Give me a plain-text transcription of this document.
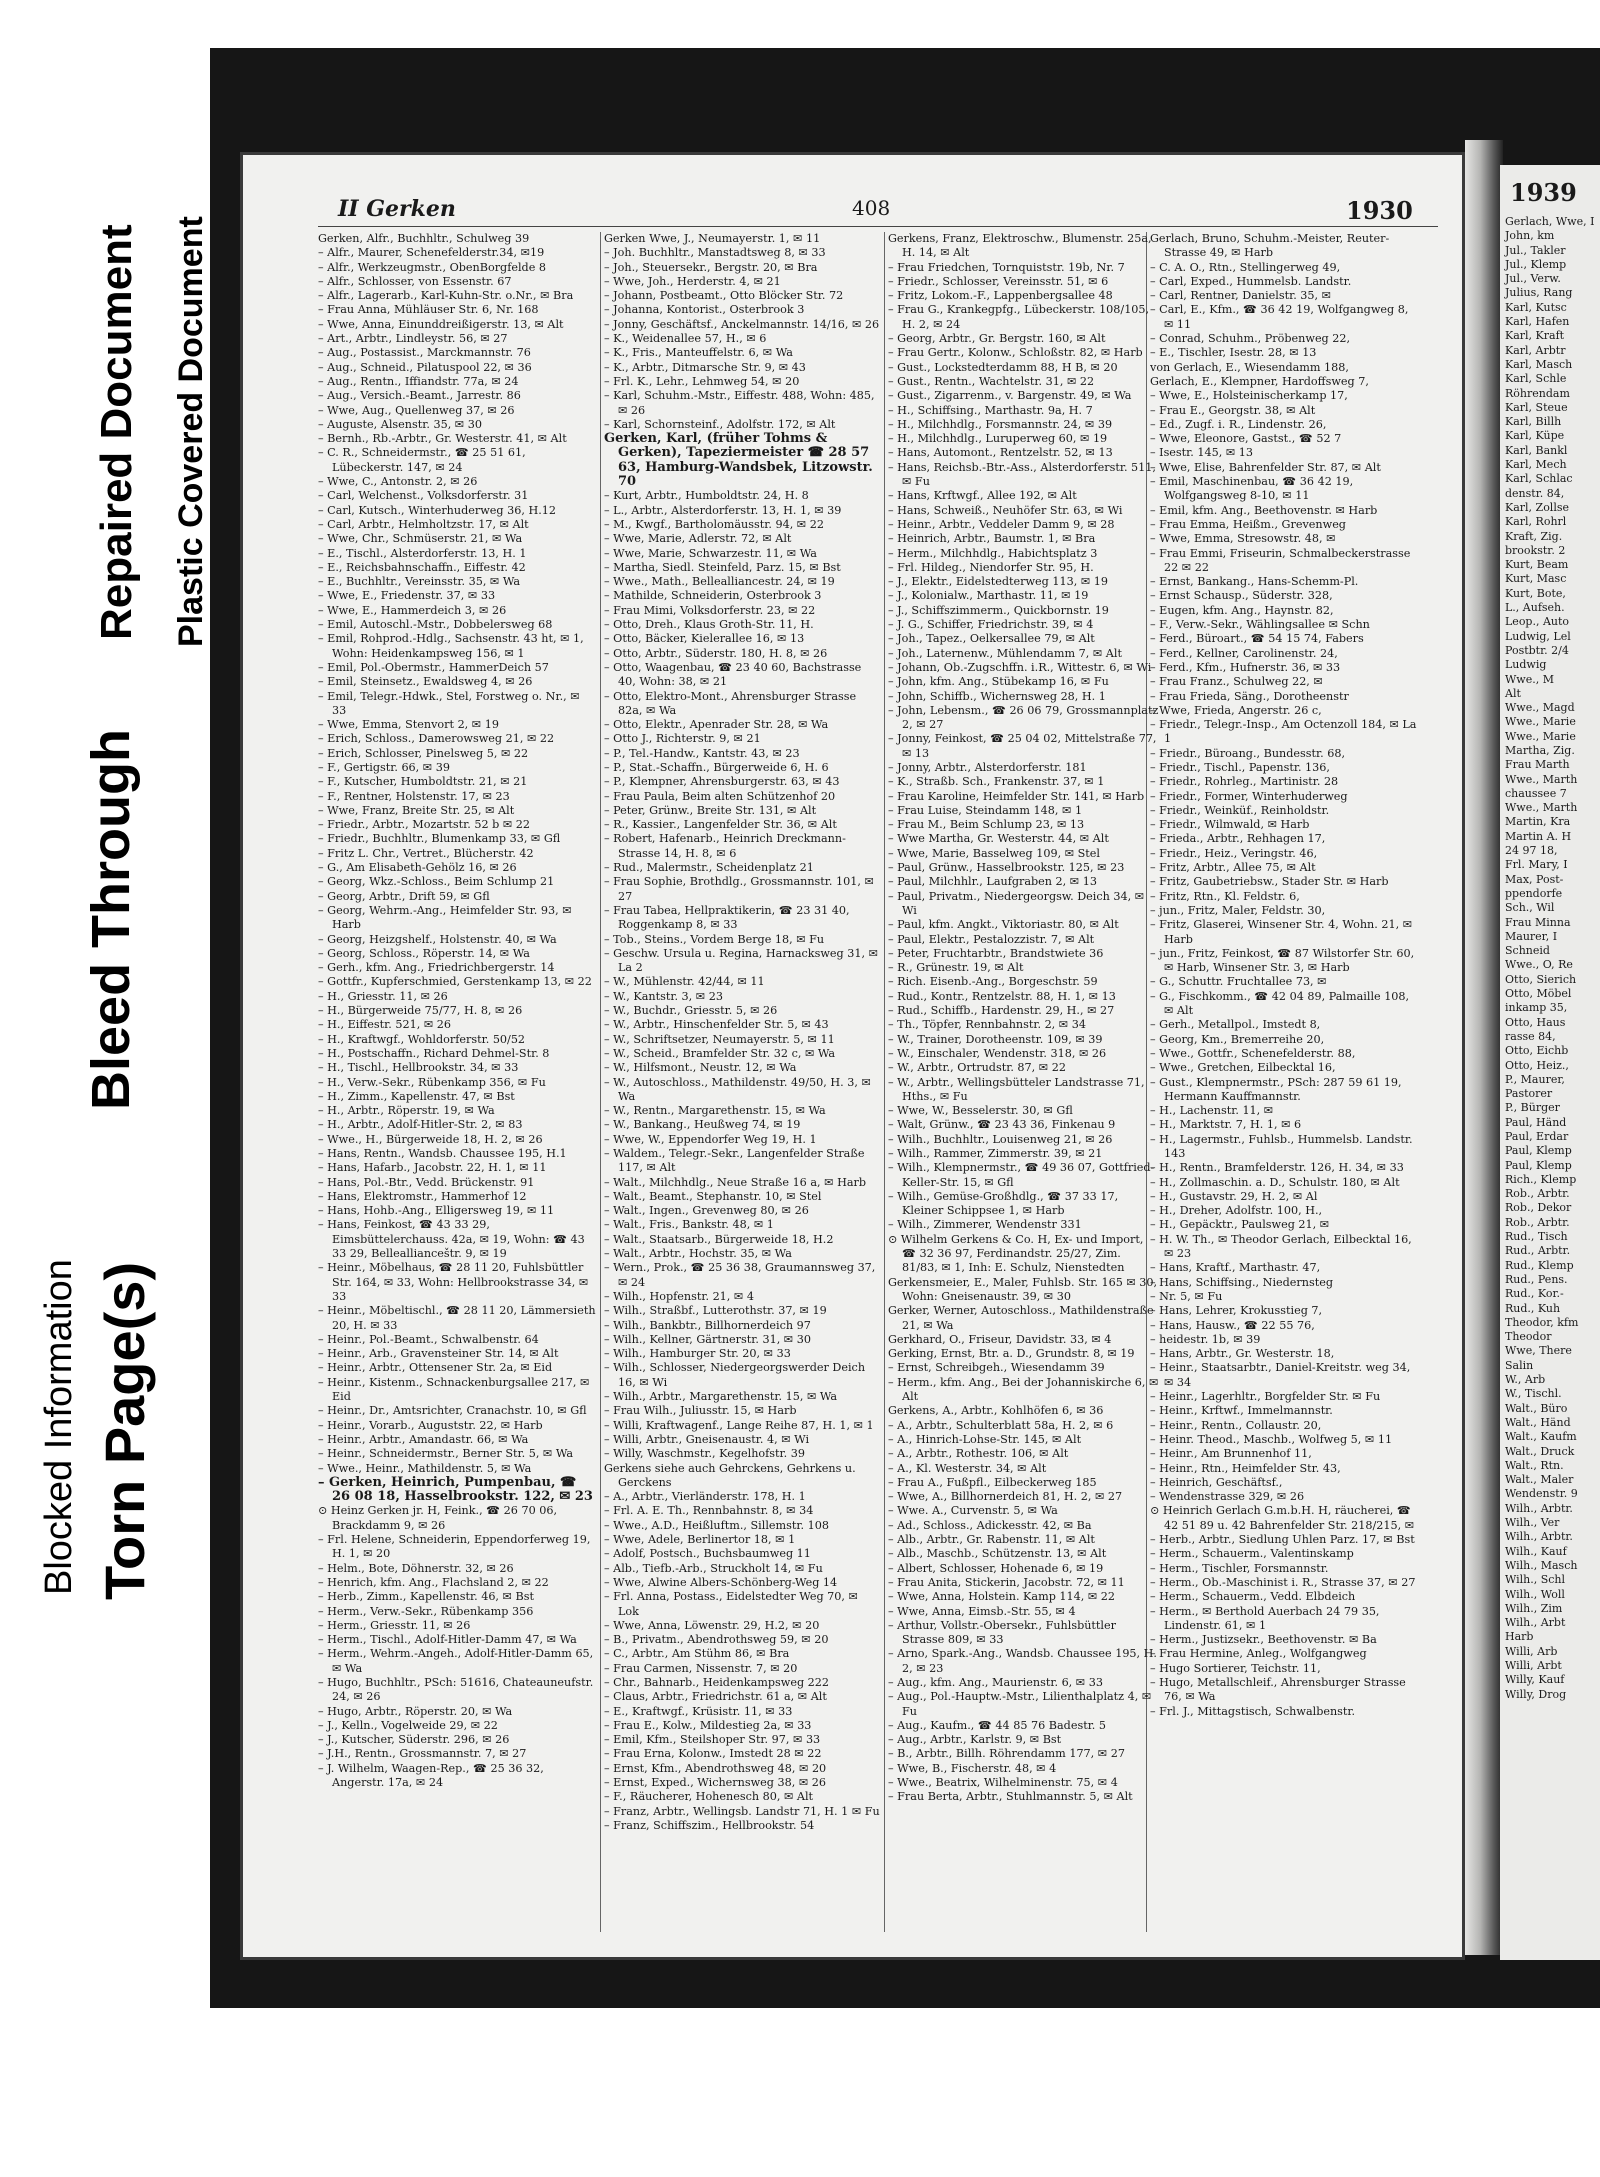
Blocked Information Torn Page(s)
Bleed Through
Repaired Document Plastic Covered Document
II Gerken	408	1930
1939

Gerken, Alfr., Buchhltr., Schulweg 39

– Alfr., Maurer, Schenefelderstr.34, ✉19

– Alfr., Werkzeugmstr., ObenBorgfelde 8

– Alfr., Schlosser, von Essenstr. 67

– Alfr., Lagerarb., Karl-Kuhn-Str. o.Nr., ✉ Bra

– Frau Anna, Mühläuser Str. 6, Nr. 168

– Wwe, Anna, Einunddreißigerstr. 13, ✉ Alt

– Art., Arbtr., Lindleystr. 56, ✉ 27

– Aug., Postassist., Marckmannstr. 76

– Aug., Schneid., Pilatuspool 22, ✉ 36

– Aug., Rentn., Iffiandstr. 77a, ✉ 24

– Aug., Versich.-Beamt., Jarrestr. 86

– Wwe, Aug., Quellenweg 37, ✉ 26

– Auguste, Alsenstr. 35, ✉ 30

– Bernh., Rb.-Arbtr., Gr. Westerstr. 41, ✉ Alt

– C. R., Schneidermstr., ☎ 25 51 61, Lübeckerstr. 147, ✉ 24

– Wwe, C., Antonstr. 2, ✉ 26

– Carl, Welchenst., Volksdorferstr. 31

– Carl, Kutsch., Winterhuderweg 36, H.12

– Carl, Arbtr., Helmholtzstr. 17, ✉ Alt

– Wwe, Chr., Schmüserstr. 21, ✉ Wa

– E., Tischl., Alsterdorferstr. 13, H. 1

– E., Reichsbahnschaffn., Eiffestr. 42

– E., Buchhltr., Vereinsstr. 35, ✉ Wa

– Wwe, E., Friedenstr. 37, ✉ 33

– Wwe, E., Hammerdeich 3, ✉ 26

– Emil, Autoschl.-Mstr., Dobbelersweg 68

– Emil, Rohprod.-Hdlg., Sachsenstr. 43 ht, ✉ 1, Wohn: Heidenkampsweg 156, ✉ 1

– Emil, Pol.-Obermstr., HammerDeich 57

– Emil, Steinsetz., Ewaldsweg 4, ✉ 26

– Emil, Telegr.-Hdwk., Stel, Forstweg o. Nr., ✉ 33

– Wwe, Emma, Stenvort 2, ✉ 19

– Erich, Schloss., Damerowsweg 21, ✉ 22

– Erich, Schlosser, Pinelsweg 5, ✉ 22

– F., Gertigstr. 66, ✉ 39

– F., Kutscher, Humboldtstr. 21, ✉ 21

– F., Rentner, Holstenstr. 17, ✉ 23

– Wwe, Franz, Breite Str. 25, ✉ Alt

– Friedr., Arbtr., Mozartstr. 52 b ✉ 22

– Friedr., Buchhltr., Blumenkamp 33, ✉ Gfl

– Fritz L. Chr., Vertret., Blücherstr. 42

– G., Am Elisabeth-Gehölz 16, ✉ 26

– Georg, Wkz.-Schloss., Beim Schlump 21

– Georg, Arbtr., Drift 59, ✉ Gfl

– Georg, Wehrm.-Ang., Heimfelder Str. 93, ✉ Harb

– Georg, Heizgshelf., Holstenstr. 40, ✉ Wa

– Georg, Schloss., Röperstr. 14, ✉ Wa

– Gerh., kfm. Ang., Friedrichbergerstr. 14

– Gottfr., Kupferschmied, Gerstenkamp 13, ✉ 22

– H., Griesstr. 11, ✉ 26

– H., Bürgerweide 75/77, H. 8, ✉ 26

– H., Eiffestr. 521, ✉ 26

– H., Kraftwgf., Wohldorferstr. 50/52

– H., Postschaffn., Richard Dehmel-Str. 8

– H., Tischl., Hellbrookstr. 34, ✉ 33

– H., Verw.-Sekr., Rübenkamp 356, ✉ Fu

– H., Zimm., Kapellenstr. 47, ✉ Bst

– H., Arbtr., Röperstr. 19, ✉ Wa

– H., Arbtr., Adolf-Hitler-Str. 2, ✉ 83

– Wwe., H., Bürgerweide 18, H. 2, ✉ 26

– Hans, Rentn., Wandsb. Chaussee 195, H.1

– Hans, Hafarb., Jacobstr. 22, H. 1, ✉ 11

– Hans, Pol.-Btr., Vedd. Brückenstr. 91

– Hans, Elektromstr., Hammerhof 12

– Hans, Hohb.-Ang., Elligersweg 19, ✉ 11

– Hans, Feinkost, ☎ 43 33 29, Eimsbüttelerchauss. 42a, ✉ 19, Wohn: ☎ 43 33 29, Belleallianceštr. 9, ✉ 19

– Heinr., Möbelhaus, ☎ 28 11 20, Fuhlsbüttler Str. 164, ✉ 33, Wohn: Hellbrookstrasse 34, ✉ 33

– Heinr., Möbeltischl., ☎ 28 11 20, Lämmersieth 20, H. ✉ 33

– Heinr., Pol.-Beamt., Schwalbenstr. 64

– Heinr., Arb., Gravensteiner Str. 14, ✉ Alt

– Heinr., Arbtr., Ottensener Str. 2a, ✉ Eid

– Heinr., Kistenm., Schnackenburgsallee 217, ✉ Eid

– Heinr., Dr., Amtsrichter, Cranachstr. 10, ✉ Gfl

– Heinr., Vorarb., Auguststr. 22, ✉ Harb

– Heinr., Arbtr., Amandastr. 66, ✉ Wa

– Heinr., Schneidermstr., Berner Str. 5, ✉ Wa

– Wwe., Heinr., Mathildenstr. 5, ✉ Wa

– Gerken, Heinrich, Pumpenbau, ☎ 26 08 18, Hasselbrookstr. 122, ✉ 23

⊙ Heinz Gerken jr. H, Feink., ☎ 26 70 06, Brackdamm 9, ✉ 26

– Frl. Helene, Schneiderin, Eppendorferweg 19, H. 1, ✉ 20

– Helm., Bote, Döhnerstr. 32, ✉ 26

– Henrich, kfm. Ang., Flachsland 2, ✉ 22

– Herb., Zimm., Kapellenstr. 46, ✉ Bst

– Herm., Verw.-Sekr., Rübenkamp 356

– Herm., Griesstr. 11, ✉ 26

– Herm., Tischl., Adolf-Hitler-Damm 47, ✉ Wa

– Herm., Wehrm.-Angeh., Adolf-Hitler-Damm 65, ✉ Wa

– Hugo, Buchhltr., PSch: 51616, Chateauneufstr. 24, ✉ 26

– Hugo, Arbtr., Röperstr. 20, ✉ Wa

– J., Kelln., Vogelweide 29, ✉ 22

– J., Kutscher, Süderstr. 296, ✉ 26

– J.H., Rentn., Grossmannstr. 7, ✉ 27

– J. Wilhelm, Waagen-Rep., ☎ 25 36 32, Angerstr. 17a, ✉ 24

Gerken Wwe, J., Neumayerstr. 1, ✉ 11

– Joh. Buchhltr., Manstadtsweg 8, ✉ 33

– Joh., Steuersekr., Bergstr. 20, ✉ Bra

– Wwe, Joh., Herderstr. 4, ✉ 21

– Johann, Postbeamt., Otto Blöcker Str. 72

– Johanna, Kontorist., Osterbrook 3

– Jonny, Geschäftsf., Anckelmannstr. 14/16, ✉ 26

– K., Weidenallee 57, H., ✉ 6

– K., Fris., Manteuffelstr. 6, ✉ Wa

– K., Arbtr., Ditmarsche Str. 9, ✉ 43

– Frl. K., Lehr., Lehmweg 54, ✉ 20

– Karl, Schuhm.-Mstr., Eiffestr. 488, Wohn: 485, ✉ 26

– Karl, Schornsteinf., Adolfstr. 172, ✉ Alt

Gerken, Karl, (früher Tohms & Gerken), Tapeziermeister ☎ 28 57 63, Hamburg-Wandsbek, Litzowstr. 70

– Kurt, Arbtr., Humboldtstr. 24, H. 8

– L., Arbtr., Alsterdorferstr. 13, H. 1, ✉ 39

– M., Kwgf., Bartholomäusstr. 94, ✉ 22

– Wwe, Marie, Adlerstr. 72, ✉ Alt

– Wwe, Marie, Schwarzestr. 11, ✉ Wa

– Martha, Siedl. Steinfeld, Parz. 15, ✉ Bst

– Wwe., Math., Bellealliancestr. 24, ✉ 19

– Mathilde, Schneiderin, Osterbrook 3

– Frau Mimi, Volksdorferstr. 23, ✉ 22

– Otto, Dreh., Klaus Groth-Str. 11, H.

– Otto, Bäcker, Kielerallee 16, ✉ 13

– Otto, Arbtr., Süderstr. 180, H. 8, ✉ 26

– Otto, Waagenbau, ☎ 23 40 60, Bachstrasse 40, Wohn: 38, ✉ 21

– Otto, Elektro-Mont., Ahrensburger Strasse 82a, ✉ Wa

– Otto, Elektr., Apenrader Str. 28, ✉ Wa

– Otto J., Richterstr. 9, ✉ 21

– P., Tel.-Handw., Kantstr. 43, ✉ 23

– P., Stat.-Schaffn., Bürgerweide 6, H. 6

– P., Klempner, Ahrensburgerstr. 63, ✉ 43

– Frau Paula, Beim alten Schützenhof 20

– Peter, Grünw., Breite Str. 131, ✉ Alt

– R., Kassier., Langenfelder Str. 36, ✉ Alt

– Robert, Hafenarb., Heinrich Dreckmann-Strasse 14, H. 8, ✉ 6

– Rud., Malermstr., Scheidenplatz 21

– Frau Sophie, Brothdlg., Grossmannstr. 101, ✉ 27

– Frau Tabea, Hellpraktikerin, ☎ 23 31 40, Roggenkamp 8, ✉ 33

– Tob., Steins., Vordem Berge 18, ✉ Fu

– Geschw. Ursula u. Regina, Harnacksweg 31, ✉ La 2

– W., Mühlenstr. 42/44, ✉ 11

– W., Kantstr. 3, ✉ 23

– W., Buchdr., Griesstr. 5, ✉ 26

– W., Arbtr., Hinschenfelder Str. 5, ✉ 43

– W., Schriftsetzer, Neumayerstr. 5, ✉ 11

– W., Scheid., Bramfelder Str. 32 c, ✉ Wa

– W., Hilfsmont., Neustr. 12, ✉ Wa

– W., Autoschloss., Mathildenstr. 49/50, H. 3, ✉ Wa

– W., Rentn., Margarethenstr. 15, ✉ Wa

– W., Bankang., Heußweg 74, ✉ 19

– Wwe, W., Eppendorfer Weg 19, H. 1

– Waldem., Telegr.-Sekr., Langenfelder Straße 117, ✉ Alt

– Walt., Milchhdlg., Neue Straße 16 a, ✉ Harb

– Walt., Beamt., Stephanstr. 10, ✉ Stel

– Walt., Ingen., Grevenweg 80, ✉ 26

– Walt., Fris., Bankstr. 48, ✉ 1

– Walt., Staatsarb., Bürgerweide 18, H.2

– Walt., Arbtr., Hochstr. 35, ✉ Wa

– Wern., Prok., ☎ 25 36 38, Graumannsweg 37, ✉ 24

– Wilh., Hopfenstr. 21, ✉ 4

– Wilh., Straßbf., Lutterothstr. 37, ✉ 19

– Wilh., Bankbtr., Billhornerdeich 97

– Wilh., Kellner, Gärtnerstr. 31, ✉ 30

– Wilh., Hamburger Str. 20, ✉ 33

– Wilh., Schlosser, Niedergeorgswerder Deich 16, ✉ Wi

– Wilh., Arbtr., Margarethenstr. 15, ✉ Wa

– Frau Wilh., Juliusstr. 15, ✉ Harb

– Willi, Kraftwagenf., Lange Reihe 87, H. 1, ✉ 1

– Willi, Arbtr., Gneisenaustr. 4, ✉ Wi

– Willy, Waschmstr., Kegelhofstr. 39

Gerkens siehe auch Gehrckens, Gehrkens u. Gerckens

– A., Arbtr., Vierländerstr. 178, H. 1

– Frl. A. E. Th., Rennbahnstr. 8, ✉ 34

– Wwe., A.D., Heißluftm., Sillemstr. 108

– Wwe, Adele, Berlinertor 18, ✉ 1

– Adolf, Postsch., Buchsbaumweg 11

– Alb., Tiefb.-Arb., Struckholt 14, ✉ Fu

– Wwe, Alwine Albers-Schönberg-Weg 14

– Frl. Anna, Postass., Eidelstedter Weg 70, ✉ Lok

– Wwe, Anna, Löwenstr. 29, H.2, ✉ 20

– B., Privatm., Abendrothsweg 59, ✉ 20

– C., Arbtr., Am Stühm 86, ✉ Bra

– Frau Carmen, Nissenstr. 7, ✉ 20

– Chr., Bahnarb., Heidenkampsweg 222

– Claus, Arbtr., Friedrichstr. 61 a, ✉ Alt

– E., Kraftwgf., Krüsistr. 11, ✉ 33

– Frau E., Kolw., Mildestieg 2a, ✉ 33

– Emil, Kfm., Steilshoper Str. 97, ✉ 33

– Frau Erna, Kolonw., Imstedt 28 ✉ 22

– Ernst, Kfm., Abendrothsweg 48, ✉ 20

– Ernst, Exped., Wichernsweg 38, ✉ 26

– F., Räucherer, Hohenesch 80, ✉ Alt

– Franz, Arbtr., Wellingsb. Landstr 71, H. 1 ✉ Fu

– Franz, Schiffszim., Hellbrookstr. 54

Gerkens, Franz, Elektroschw., Blumenstr. 25a, H. 14, ✉ Alt

– Frau Friedchen, Tornquiststr. 19b, Nr. 7

– Friedr., Schlosser, Vereinsstr. 51, ✉ 6

– Fritz, Lokom.-F., Lappenbergsallee 48

– Frau G., Krankegpfg., Lübeckerstr. 108/105, H. 2, ✉ 24

– Georg, Arbtr., Gr. Bergstr. 160, ✉ Alt

– Frau Gertr., Kolonw., Schloßstr. 82, ✉ Harb

– Gust., Lockstedterdamm 88, H B, ✉ 20

– Gust., Rentn., Wachtelstr. 31, ✉ 22

– Gust., Zigarrenm., v. Bargenstr. 49, ✉ Wa

– H., Schiffsing., Marthastr. 9a, H. 7

– H., Milchhdlg., Forsmannstr. 24, ✉ 39

– H., Milchhdlg., Luruperweg 60, ✉ 19

– Hans, Automont., Rentzelstr. 52, ✉ 13

– Hans, Reichsb.-Btr.-Ass., Alsterdorferstr. 511, ✉ Fu

– Hans, Krftwgf., Allee 192, ✉ Alt

– Hans, Schweiß., Neuhöfer Str. 63, ✉ Wi

– Heinr., Arbtr., Veddeler Damm 9, ✉ 28

– Heinrich, Arbtr., Baumstr. 1, ✉ Bra

– Herm., Milchhdlg., Habichtsplatz 3

– Frl. Hildeg., Niendorfer Str. 95, H.

– J., Elektr., Eidelstedterweg 113, ✉ 19

– J., Kolonialw., Marthastr. 11, ✉ 19

– J., Schiffszimmerm., Quickbornstr. 19

– J. G., Schiffer, Friedrichstr. 39, ✉ 4

– Joh., Tapez., Oelkersallee 79, ✉ Alt

– Joh., Laternenw., Mühlendamm 7, ✉ Alt

– Johann, Ob.-Zugschffn. i.R., Wittestr. 6, ✉ Wi

– John, kfm. Ang., Stübekamp 16, ✉ Fu

– John, Schiffb., Wichernsweg 28, H. 1

– John, Lebensm., ☎ 26 06 79, Grossmannplatz 2, ✉ 27

– Jonny, Feinkost, ☎ 25 04 02, Mittelstraße 77, ✉ 13

– Jonny, Arbtr., Alsterdorferstr. 181

– K., Straßb. Sch., Frankenstr. 37, ✉ 1

– Frau Karoline, Heimfelder Str. 141, ✉ Harb

– Frau Luise, Steindamm 148, ✉ 1

– Frau M., Beim Schlump 23, ✉ 13

– Wwe Martha, Gr. Westerstr. 44, ✉ Alt

– Wwe, Marie, Basselweg 109, ✉ Stel

– Paul, Grünw., Hasselbrookstr. 125, ✉ 23

– Paul, Milchhlr., Laufgraben 2, ✉ 13

– Paul, Privatm., Niedergeorgsw. Deich 34, ✉ Wi

– Paul, kfm. Angkt., Viktoriastr. 80, ✉ Alt

– Paul, Elektr., Pestalozzistr. 7, ✉ Alt

– Peter, Fruchtarbtr., Brandstwiete 36

– R., Grünestr. 19, ✉ Alt

– Rich. Eisenb.-Ang., Borgeschstr. 59

– Rud., Kontr., Rentzelstr. 88, H. 1, ✉ 13

– Rud., Schiffb., Hardenstr. 29, H., ✉ 27

– Th., Töpfer, Rennbahnstr. 2, ✉ 34

– W., Trainer, Dorotheenstr. 109, ✉ 39

– W., Einschaler, Wendenstr. 318, ✉ 26

– W., Arbtr., Ortrudstr. 87, ✉ 22

– W., Arbtr., Wellingsbütteler Landstrasse 71, Hths., ✉ Fu

– Wwe, W., Besselerstr. 30, ✉ Gfl

– Walt, Grünw., ☎ 23 43 36, Finkenau 9

– Wilh., Buchhltr., Louisenweg 21, ✉ 26

– Wilh., Rammer, Zimmerstr. 39, ✉ 21

– Wilh., Klempnermstr., ☎ 49 36 07, Gottfried-Keller-Str. 15, ✉ Gfl

– Wilh., Gemüse-Großhdlg., ☎ 37 33 17, Kleiner Schippsee 1, ✉ Harb

– Wilh., Zimmerer, Wendenstr 331

⊙ Wilhelm Gerkens & Co. H, Ex- und Import, ☎ 32 36 97, Ferdinandstr. 25/27, Zim. 81/83, ✉ 1, Inh: E. Schulz, Nienstedten

Gerkensmeier, E., Maler, Fuhlsb. Str. 165 ✉ 30, Wohn: Gneisenaustr. 39, ✉ 30

Gerker, Werner, Autoschloss., Mathildenstraße 21, ✉ Wa

Gerkhard, O., Friseur, Davidstr. 33, ✉ 4

Gerking, Ernst, Btr. a. D., Grundstr. 8, ✉ 19

– Ernst, Schreibgeh., Wiesendamm 39

– Herm., kfm. Ang., Bei der Johanniskirche 6, ✉ Alt

Gerkens, A., Arbtr., Kohlhöfen 6, ✉ 36

– A., Arbtr., Schulterblatt 58a, H. 2, ✉ 6

– A., Hinrich-Lohse-Str. 145, ✉ Alt

– A., Arbtr., Rothestr. 106, ✉ Alt

– A., Kl. Westerstr. 34, ✉ Alt

– Frau A., Fußpfl., Eilbeckerweg 185

– Wwe, A., Billhornerdeich 81, H. 2, ✉ 27

– Wwe. A., Curvenstr. 5, ✉ Wa

– Ad., Schloss., Adickesstr. 42, ✉ Ba

– Alb., Arbtr., Gr. Rabenstr. 11, ✉ Alt

– Alb., Maschb., Schützenstr. 13, ✉ Alt

– Albert, Schlosser, Hohenade 6, ✉ 19

– Frau Anita, Stickerin, Jacobstr. 72, ✉ 11

– Wwe, Anna, Holstein. Kamp 114, ✉ 22

– Wwe, Anna, Eimsb.-Str. 55, ✉ 4

– Arthur, Vollstr.-Obersekr., Fuhlsbüttler Strasse 809, ✉ 33

– Arno, Spark.-Ang., Wandsb. Chaussee 195, H. 2, ✉ 23

– Aug., kfm. Ang., Maurienstr. 6, ✉ 33

– Aug., Pol.-Hauptw.-Mstr., Lilienthalplatz 4, ✉ Fu

– Aug., Kaufm., ☎ 44 85 76 Badestr. 5

– Aug., Arbtr., Karlstr. 9, ✉ Bst

– B., Arbtr., Billh. Röhrendamm 177, ✉ 27

– Wwe, B., Fischerstr. 48, ✉ 4

– Wwe., Beatrix, Wilhelminenstr. 75, ✉ 4

– Frau Berta, Arbtr., Stuhlmannstr. 5, ✉ Alt

Gerlach, Bruno, Schuhm.-Meister, Reuter-Strasse 49, ✉ Harb

– C. A. O., Rtn., Stellingerweg 49,

– Carl, Exped., Hummelsb. Landstr.

– Carl, Rentner, Danielstr. 35, ✉

– Carl, E., Kfm., ☎ 36 42 19, Wolfgangweg 8, ✉ 11

– Conrad, Schuhm., Pröbenweg 22,

– E., Tischler, Isestr. 28, ✉ 13

von Gerlach, E., Wiesendamm 188,

Gerlach, E., Klempner, Hardoffsweg 7,

– Wwe, E., Holsteinischerkamp 17,

– Frau E., Georgstr. 38, ✉ Alt

– Ed., Zugf. i. R., Lindenstr. 26,

– Wwe, Eleonore, Gastst., ☎ 52 7

– Isestr. 145, ✉ 13

– Wwe, Elise, Bahrenfelder Str. 87, ✉ Alt

– Emil, Maschinenbau, ☎ 36 42 19, Wolfgangsweg 8-10, ✉ 11

– Emil, kfm. Ang., Beethovenstr. ✉ Harb

– Frau Emma, Heißm., Grevenweg

– Wwe, Emma, Stresowstr. 48, ✉

– Frau Emmi, Friseurin, Schmalbeckerstrasse 22 ✉ 22

– Ernst, Bankang., Hans-Schemm-Pl.

– Ernst Schausp., Süderstr. 328,

– Eugen, kfm. Ang., Haynstr. 82,

– F., Verw.-Sekr., Wählingsallee ✉ Schn

– Ferd., Büroart., ☎ 54 15 74, Fabers

– Ferd., Kellner, Carolinenstr. 24,

– Ferd., Kfm., Hufnerstr. 36, ✉ 33

– Frau Franz., Schulweg 22, ✉

– Frau Frieda, Säng., Dorotheenstr

– Wwe, Frieda, Angerstr. 26 c,

– Friedr., Telegr.-Insp., Am Octenzoll 184, ✉ La 1

– Friedr., Büroang., Bundesstr. 68,

– Friedr., Tischl., Papenstr. 136,

– Friedr., Rohrleg., Martinistr. 28

– Friedr., Former, Winterhuderweg

– Friedr., Weinküf., Reinholdstr.

– Friedr., Wilmwald, ✉ Harb

– Frieda., Arbtr., Rehhagen 17,

– Friedr., Heiz., Veringstr. 46,

– Fritz, Arbtr., Allee 75, ✉ Alt

– Fritz, Gaubetriebsw., Stader Str. ✉ Harb

– Fritz, Rtn., Kl. Feldstr. 6,

– jun., Fritz, Maler, Feldstr. 30,

– Fritz, Glaserei, Winsener Str. 4, Wohn. 21, ✉ Harb

– jun., Fritz, Feinkost, ☎ 87 Wilstorfer Str. 60, ✉ Harb, Winsener Str. 3, ✉ Harb

– G., Schuttr. Fruchtallee 73, ✉

– G., Fischkomm., ☎ 42 04 89, Palmaille 108, ✉ Alt

– Gerh., Metallpol., Imstedt 8,

– Georg, Km., Bremerreihe 20,

– Wwe., Gottfr., Schenefelderstr. 88,

– Wwe., Gretchen, Eilbecktal 16,

– Gust., Klempnermstr., PSch: 287 59 61 19, Hermann Kauffmannstr.

– H., Lachenstr. 11, ✉

– H., Marktstr. 7, H. 1, ✉ 6

– H., Lagermstr., Fuhlsb., Hummelsb. Landstr. 143

– H., Rentn., Bramfelderstr. 126, H. 34, ✉ 33

– H., Zollmaschin. a. D., Schulstr. 180, ✉ Alt

– H., Gustavstr. 29, H. 2, ✉ Al

– H., Dreher, Adolfstr. 100, H.,

– H., Gepäcktr., Paulsweg 21, ✉

– H. W. Th., ✉ Theodor Gerlach, Eilbecktal 16, ✉ 23

– Hans, Kraftf., Marthastr. 47,

– Hans, Schiffsing., Niedernsteg

– Nr. 5, ✉ Fu

– Hans, Lehrer, Krokusstieg 7,

– Hans, Hausw., ☎ 22 55 76,

– heidestr. 1b, ✉ 39

– Hans, Arbtr., Gr. Westerstr. 18,

– Heinr., Staatsarbtr., Daniel-Kreitstr. weg 34, ✉ 34

– Heinr., Lagerhltr., Borgfelder Str. ✉ Fu

– Heinr., Krftwf., Immelmannstr.

– Heinr., Rentn., Collaustr. 20,

– Heinr. Theod., Maschb., Wolfweg 5, ✉ 11

– Heinr., Am Brunnenhof 11,

– Heinr., Rtn., Heimfelder Str. 43,

– Heinrich, Geschäftsf.,

– Wendenstrasse 329, ✉ 26

⊙ Heinrich Gerlach G.m.b.H. H, räucherei, ☎ 42 51 89 u. 42 Bahrenfelder Str. 218/215, ✉

– Herb., Arbtr., Siedlung Uhlen Parz. 17, ✉ Bst

– Herm., Schauerm., Valentinskamp

– Herm., Tischler, Forsmannstr.

– Herm., Ob.-Maschinist i. R., Strasse 37, ✉ 27

– Herm., Schauerm., Vedd. Elbdeich

– Herm., ✉ Berthold Auerbach 24 79 35, Lindenstr. 61, ✉ 1

– Herm., Justizsekr., Beethovenstr. ✉ Ba

– Frau Hermine, Anleg., Wolfgangweg

– Hugo Sortierer, Teichstr. 11,

– Hugo, Metallschleif., Ahrensburger Strasse 76, ✉ Wa

– Frl. J., Mittagstisch, Schwalbenstr.

Gerlach, Wwe, I

John, km

Jul., Takler

Jul., Klemp

Jul., Verw.

Julius, Rang

Karl, Kutsc

Karl, Hafen

Karl, Kraft

Karl, Arbtr

Karl, Masch

Karl, Schle

Röhrendam

Karl, Steue

Karl, Billh

Karl, Küpe

Karl, Bankl

Karl, Mech

Karl, Schlac

denstr. 84,

Karl, Zollse

Karl, Rohrl

Kraft, Zig.

brookstr. 2

Kurt, Beam

Kurt, Masc

Kurt, Bote,

L., Aufseh.

Leop., Auto

Ludwig, Lel

Postbtr. 2/4

Ludwig

Wwe., M

Alt

Wwe., Magd

Wwe., Marie

Wwe., Marie

Martha, Zig.

Frau Marth

Wwe., Marth

chaussee 7

Wwe., Marth

Martin, Kra

Martin A. H

24 97 18,

Frl. Mary, I

Max, Post-

ppendorfe

Sch., Wil

Frau Minna

Maurer, I

Schneid

Wwe., O, Re

Otto, Sierich

Otto, Möbel

inkamp 35,

Otto, Haus

rasse 84,

Otto, Eichb

Otto, Heiz.,

P., Maurer,

Pastorer

P., Bürger

Paul, Händ

Paul, Erdar

Paul, Klemp

Paul, Klemp

Rich., Klemp

Rob., Arbtr.

Rob., Dekor

Rob., Arbtr.

Rud., Tisch

Rud., Arbtr.

Rud., Klemp

Rud., Pens.

Rud., Kor.-

Rud., Kuh

Theodor, kfm

Theodor

Wwe, There

Salin

W., Arb

W., Tischl.

Walt., Büro

Walt., Händ

Walt., Kaufm

Walt., Druck

Walt., Rtn.

Walt., Maler

Wendenstr. 9

Wilh., Arbtr.

Wilh., Ver

Wilh., Arbtr.

Wilh., Kauf

Wilh., Masch

Wilh., Schl

Wilh., Woll

Wilh., Zim

Wilh., Arbt

Harb

Willi, Arb

Willi, Arbt

Willy, Kauf

Willy, Drog
